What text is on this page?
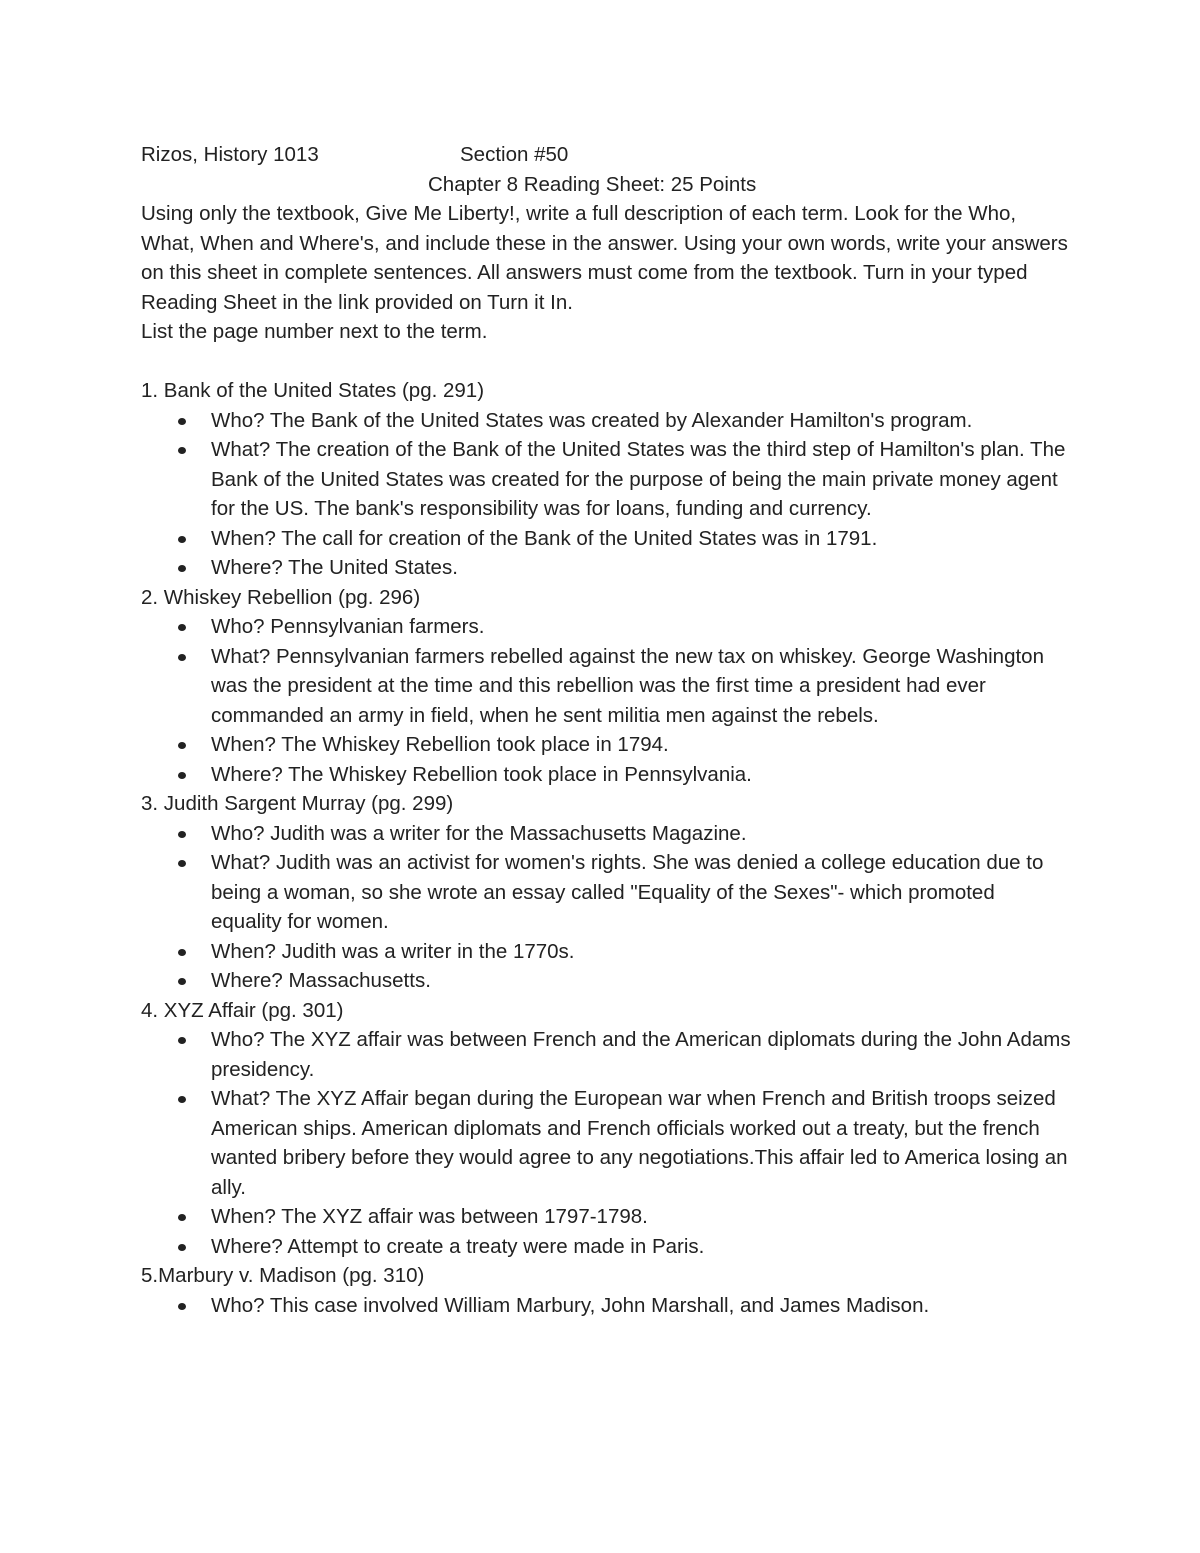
Rizos, History 1013	Section #50
Chapter 8 Reading Sheet: 25 Points

Using only the textbook, Give Me Liberty!, write a full description of each term. Look for the Who, What, When and Where's, and include these in the answer. Using your own words, write your answers on this sheet in complete sentences. All answers must come from the textbook. Turn in your typed Reading Sheet in the link provided on Turn it In.

List the page number next to the term.

1. Bank of the United States (pg. 291)

Who? The Bank of the United States was created by Alexander Hamilton's program.
What? The creation of the Bank of the United States was the third step of Hamilton's plan. The Bank of the United States was created for the purpose of being the main private money agent for the US. The bank's responsibility was for loans, funding and currency.
When? The call for creation of the Bank of the United States was in 1791.
Where? The United States.

2. Whiskey Rebellion (pg. 296)

Who? Pennsylvanian farmers.
What? Pennsylvanian farmers rebelled against the new tax on whiskey. George Washington was the president at the time and this rebellion was the first time a president had ever commanded an army in field, when he sent militia men against the rebels.
When? The Whiskey Rebellion took place in 1794.
Where? The Whiskey Rebellion took place in Pennsylvania.

3. Judith Sargent Murray (pg. 299)

Who? Judith was a writer for the Massachusetts Magazine.
What? Judith was an activist for women's rights. She was denied a college education due to being a woman, so she wrote an essay called "Equality of the Sexes"- which promoted equality for women.
When? Judith was a writer in the 1770s.
Where? Massachusetts.

4. XYZ Affair (pg. 301)

Who? The XYZ affair was between French and the American diplomats during the John Adams presidency.
What? The XYZ Affair began during the European war when French and British troops seized American ships. American diplomats and French officials worked out a treaty, but the french wanted bribery before they would agree to any negotiations.This affair led to America losing an ally.
When? The XYZ affair was between 1797-1798.
Where? Attempt to create a treaty were made in Paris.

5.Marbury v. Madison (pg. 310)

Who? This case involved William Marbury, John Marshall, and James Madison.
